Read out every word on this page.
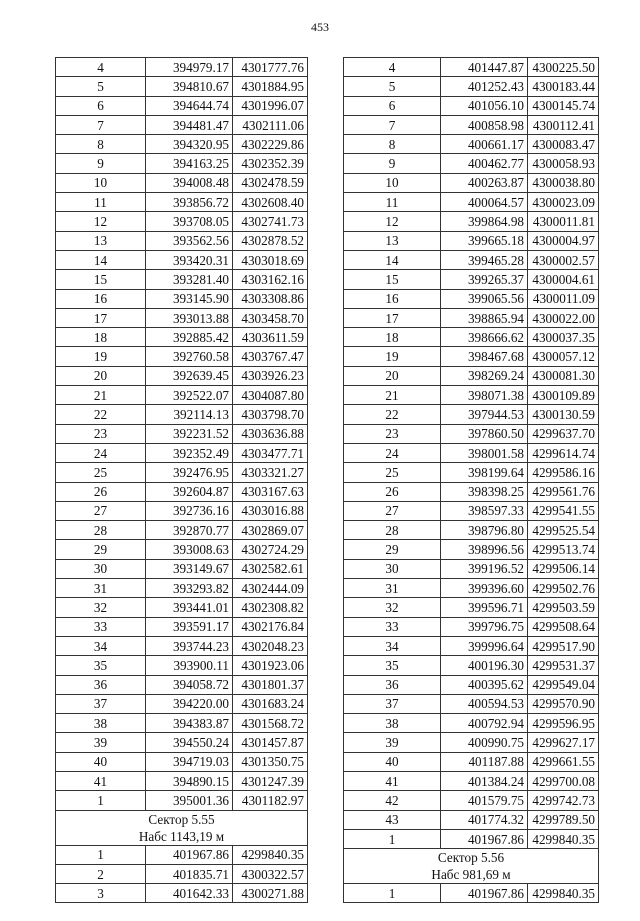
453
4	394979.17	4301777.76
5	394810.67	4301884.95
6	394644.74	4301996.07
7	394481.47	4302111.06
8	394320.95	4302229.86
9	394163.25	4302352.39
10	394008.48	4302478.59
11	393856.72	4302608.40
12	393708.05	4302741.73
13	393562.56	4302878.52
14	393420.31	4303018.69
15	393281.40	4303162.16
16	393145.90	4303308.86
17	393013.88	4303458.70
18	392885.42	4303611.59
19	392760.58	4303767.47
20	392639.45	4303926.23
21	392522.07	4304087.80
22	392114.13	4303798.70
23	392231.52	4303636.88
24	392352.49	4303477.71
25	392476.95	4303321.27
26	392604.87	4303167.63
27	392736.16	4303016.88
28	392870.77	4302869.07
29	393008.63	4302724.29
30	393149.67	4302582.61
31	393293.82	4302444.09
32	393441.01	4302308.82
33	393591.17	4302176.84
34	393744.23	4302048.23
35	393900.11	4301923.06
36	394058.72	4301801.37
37	394220.00	4301683.24
38	394383.87	4301568.72
39	394550.24	4301457.87
40	394719.03	4301350.75
41	394890.15	4301247.39
1	395001.36	4301182.97

Сектор 5.55
Набс 1143,19 м		

1	401967.86	4299840.35
2	401835.71	4300322.57
3	401642.33	4300271.88
4	401447.87	4300225.50
5	401252.43	4300183.44
6	401056.10	4300145.74
7	400858.98	4300112.41
8	400661.17	4300083.47
9	400462.77	4300058.93
10	400263.87	4300038.80
11	400064.57	4300023.09
12	399864.98	4300011.81
13	399665.18	4300004.97
14	399465.28	4300002.57
15	399265.37	4300004.61
16	399065.56	4300011.09
17	398865.94	4300022.00
18	398666.62	4300037.35
19	398467.68	4300057.12
20	398269.24	4300081.30
21	398071.38	4300109.89
22	397944.53	4300130.59
23	397860.50	4299637.70
24	398001.58	4299614.74
25	398199.64	4299586.16
26	398398.25	4299561.76
27	398597.33	4299541.55
28	398796.80	4299525.54
29	398996.56	4299513.74
30	399196.52	4299506.14
31	399396.60	4299502.76
32	399596.71	4299503.59
33	399796.75	4299508.64
34	399996.64	4299517.90
35	400196.30	4299531.37
36	400395.62	4299549.04
37	400594.53	4299570.90
38	400792.94	4299596.95
39	400990.75	4299627.17
40	401187.88	4299661.55
41	401384.24	4299700.08
42	401579.75	4299742.73
43	401774.32	4299789.50
1	401967.86	4299840.35

Сектор 5.56
Набс 981,69 м		

1	401967.86	4299840.35
